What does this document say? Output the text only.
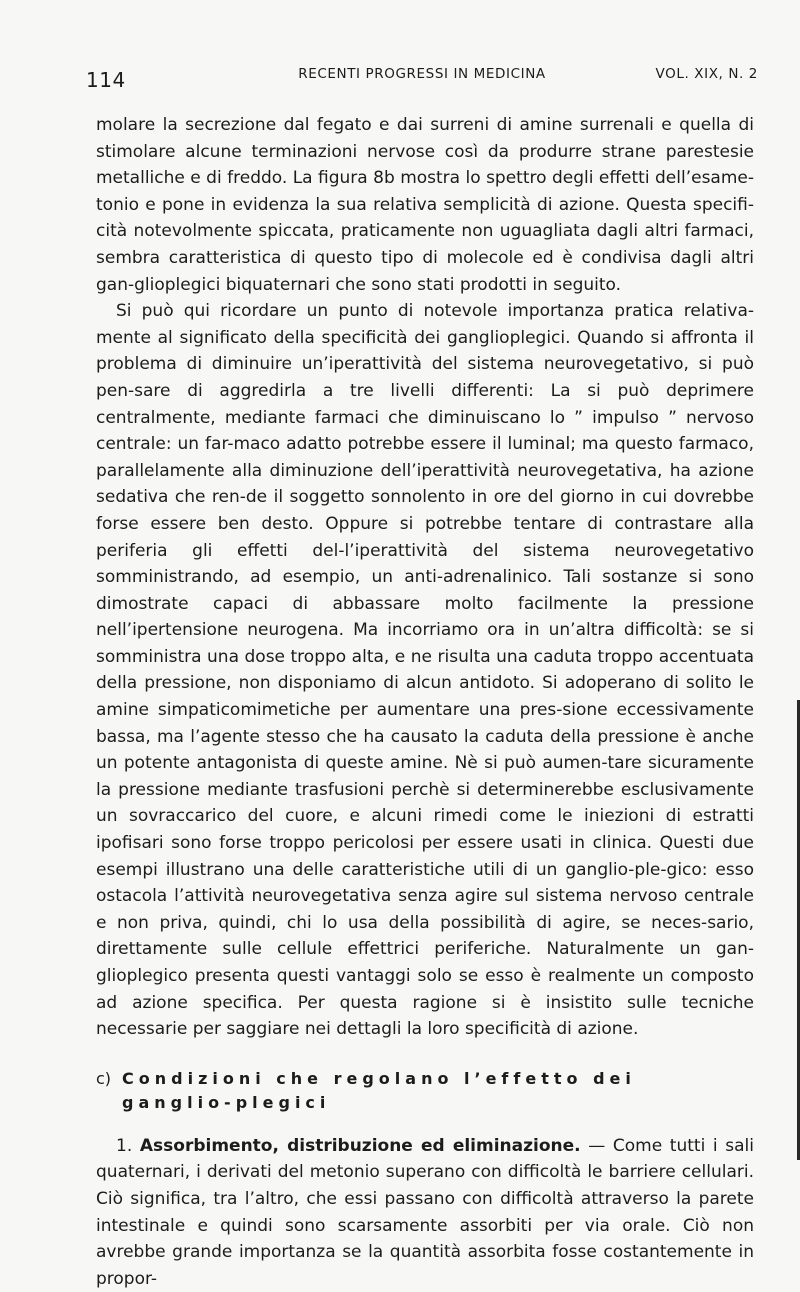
114	RECENTI PROGRESSI IN MEDICINA	VOL. XIX, N. 2

molare la secrezione dal fegato e dai surreni di amine surrenali e quella di stimolare alcune terminazioni nervose così da produrre strane parestesie metalliche e di freddo. La figura 8b mostra lo spettro degli effetti dell’esame-tonio e pone in evidenza la sua relativa semplicità di azione. Questa specifi-cità notevolmente spiccata, praticamente non uguagliata dagli altri farmaci, sembra caratteristica di questo tipo di molecole ed è condivisa dagli altri gan-glioplegici biquaternari che sono stati prodotti in seguito.

Si può qui ricordare un punto di notevole importanza pratica relativa-mente al significato della specificità dei ganglioplegici. Quando si affronta il problema di diminuire un’iperattività del sistema neurovegetativo, si può pen-sare di aggredirla a tre livelli differenti: La si può deprimere centralmente, mediante farmaci che diminuiscano lo ” impulso ” nervoso centrale: un far-maco adatto potrebbe essere il luminal; ma questo farmaco, parallelamente alla diminuzione dell’iperattività neurovegetativa, ha azione sedativa che ren-de il soggetto sonnolento in ore del giorno in cui dovrebbe forse essere ben desto. Oppure si potrebbe tentare di contrastare alla periferia gli effetti del-l’iperattività del sistema neurovegetativo somministrando, ad esempio, un anti-adrenalinico. Tali sostanze si sono dimostrate capaci di abbassare molto facilmente la pressione nell’ipertensione neurogena. Ma incorriamo ora in un’altra difficoltà: se si somministra una dose troppo alta, e ne risulta una caduta troppo accentuata della pressione, non disponiamo di alcun antidoto. Si adoperano di solito le amine simpaticomimetiche per aumentare una pres-sione eccessivamente bassa, ma l’agente stesso che ha causato la caduta della pressione è anche un potente antagonista di queste amine. Nè si può aumen-tare sicuramente la pressione mediante trasfusioni perchè si determinerebbe esclusivamente un sovraccarico del cuore, e alcuni rimedi come le iniezioni di estratti ipofisari sono forse troppo pericolosi per essere usati in clinica. Questi due esempi illustrano una delle caratteristiche utili di un ganglio-ple-gico: esso ostacola l’attività neurovegetativa senza agire sul sistema nervoso centrale e non priva, quindi, chi lo usa della possibilità di agire, se neces-sario, direttamente sulle cellule effettrici periferiche. Naturalmente un gan-glioplegico presenta questi vantaggi solo se esso è realmente un composto ad azione specifica. Per questa ragione si è insistito sulle tecniche necessarie per saggiare nei dettagli la loro specificità di azione.

c) Condizioni che regolano l’effetto dei ganglio-plegici

1. Assorbimento, distribuzione ed eliminazione. — Come tutti i sali quaternari, i derivati del metonio superano con difficoltà le barriere cellulari. Ciò significa, tra l’altro, che essi passano con difficoltà attraverso la parete intestinale e quindi sono scarsamente assorbiti per via orale. Ciò non avrebbe grande importanza se la quantità assorbita fosse costantemente in propor-
